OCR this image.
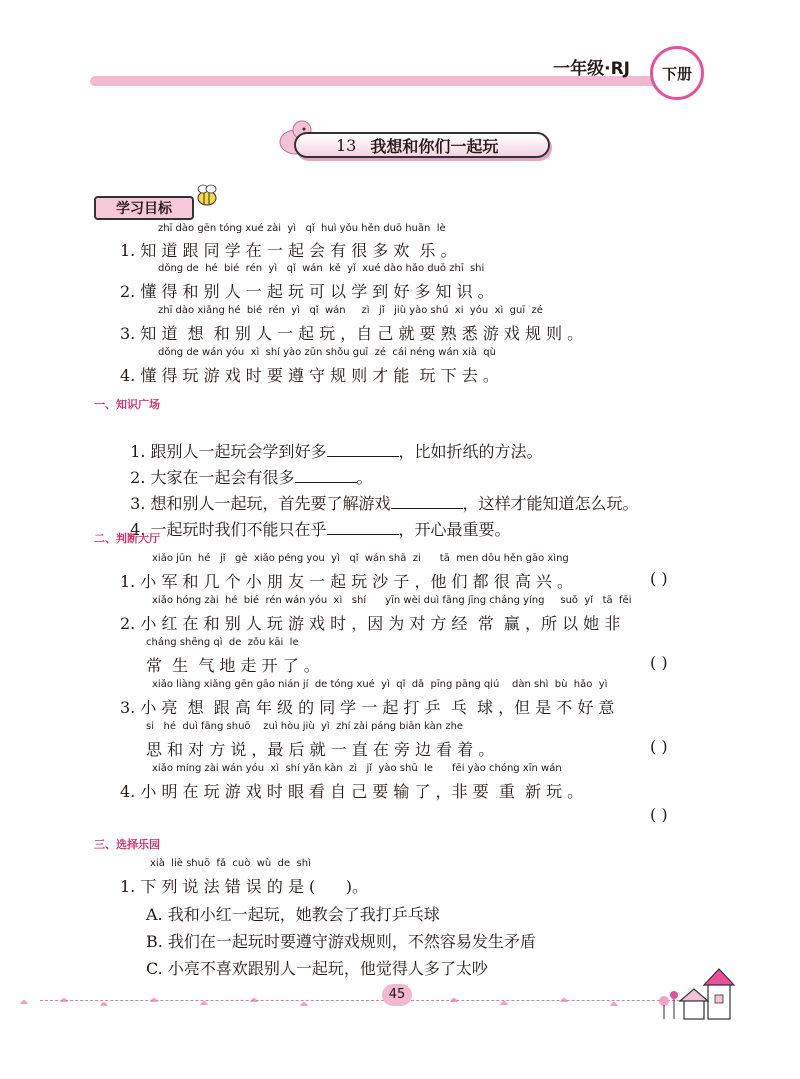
一年级·RJ	下册
13 我想和你们一起玩
学习目标
zhī dào gēn tóng xué zài  yì   qǐ  huì yǒu hěn duō huān  lè
1. 知 道 跟 同 学 在 一 起 会 有 很 多 欢  乐 。
dǒng de  hé  bié  rén  yì   qǐ  wán  kě  yǐ  xué dào hǎo duō zhī  shi
2. 懂 得 和 别 人 一 起 玩 可 以 学 到 好 多 知 识 。
zhī dào xiǎng hé  bié  rén  yì   qǐ  wán     zì   jǐ   jiù yào shú  xi  yóu  xì  guī  zé
3. 知 道  想  和 别 人 一 起 玩 ，自 己 就 要 熟 悉 游 戏 规 则 。
dǒng de wán yóu  xì  shí yào zūn shǒu guī  zé  cái néng wán xià  qù
4. 懂 得 玩 游 戏 时 要 遵 守 规 则 才 能  玩 下 去 。
一、知识广场

1. 跟别人一起玩会学到好多	，比如折纸的方法。

2. 大家在一起会有很多	。

3. 想和别人一起玩，首先要了解游戏	，这样才能知道怎么玩。

4. 一起玩时我们不能只在乎	，开心最重要。

二、判断大厅
xiǎo jūn  hé   jǐ   gè  xiǎo péng you  yì   qǐ  wán shā  zi      tā  men dōu hěn gāo xìng
1. 小 军 和 几 个 小 朋 友 一 起 玩 沙 子 ，他 们 都 很 高 兴 。	( )
xiǎo hóng zài  hé  bié  rén wán yóu  xì   shí      yīn wèi duì fāng jīng cháng yíng     suǒ  yǐ   tā  fēi
2. 小 红 在 和 别 人 玩 游 戏 时 ，因 为 对 方 经  常  赢 ，所 以 她 非
cháng shēng qì  de  zǒu kāi  le
常  生  气 地 走 开 了 。	( )
xiǎo liàng xiǎng gēn gāo nián jí  de tóng xué  yì  qǐ  dǎ  pīng pāng qiú    dàn shì  bù  hǎo  yì
3. 小 亮  想  跟 高 年 级 的 同 学 一 起 打 乒  乓  球 ，但 是 不 好 意
si   hé  duì fāng shuō    zuì hòu jiù  yì  zhí zài páng biān kàn zhe
思 和 对 方 说 ，最 后 就 一 直 在 旁 边 看 着 。	( )
xiǎo míng zài wán yóu  xì  shí yǎn kàn  zì   jǐ  yào shū  le      fēi yào chóng xīn wán
4. 小 明 在 玩 游 戏 时 眼 看 自 己 要 输 了 ，非 要  重  新 玩 。
( )
三、选择乐园
xià  liè shuō  fǎ  cuò  wù  de  shì
1. 下 列 说 法 错 误 的 是 (      )。
A. 我和小红一起玩，她教会了我打乒乓球
B. 我们在一起玩时要遵守游戏规则，不然容易发生矛盾
C. 小亮不喜欢跟别人一起玩，他觉得人多了太吵
45
